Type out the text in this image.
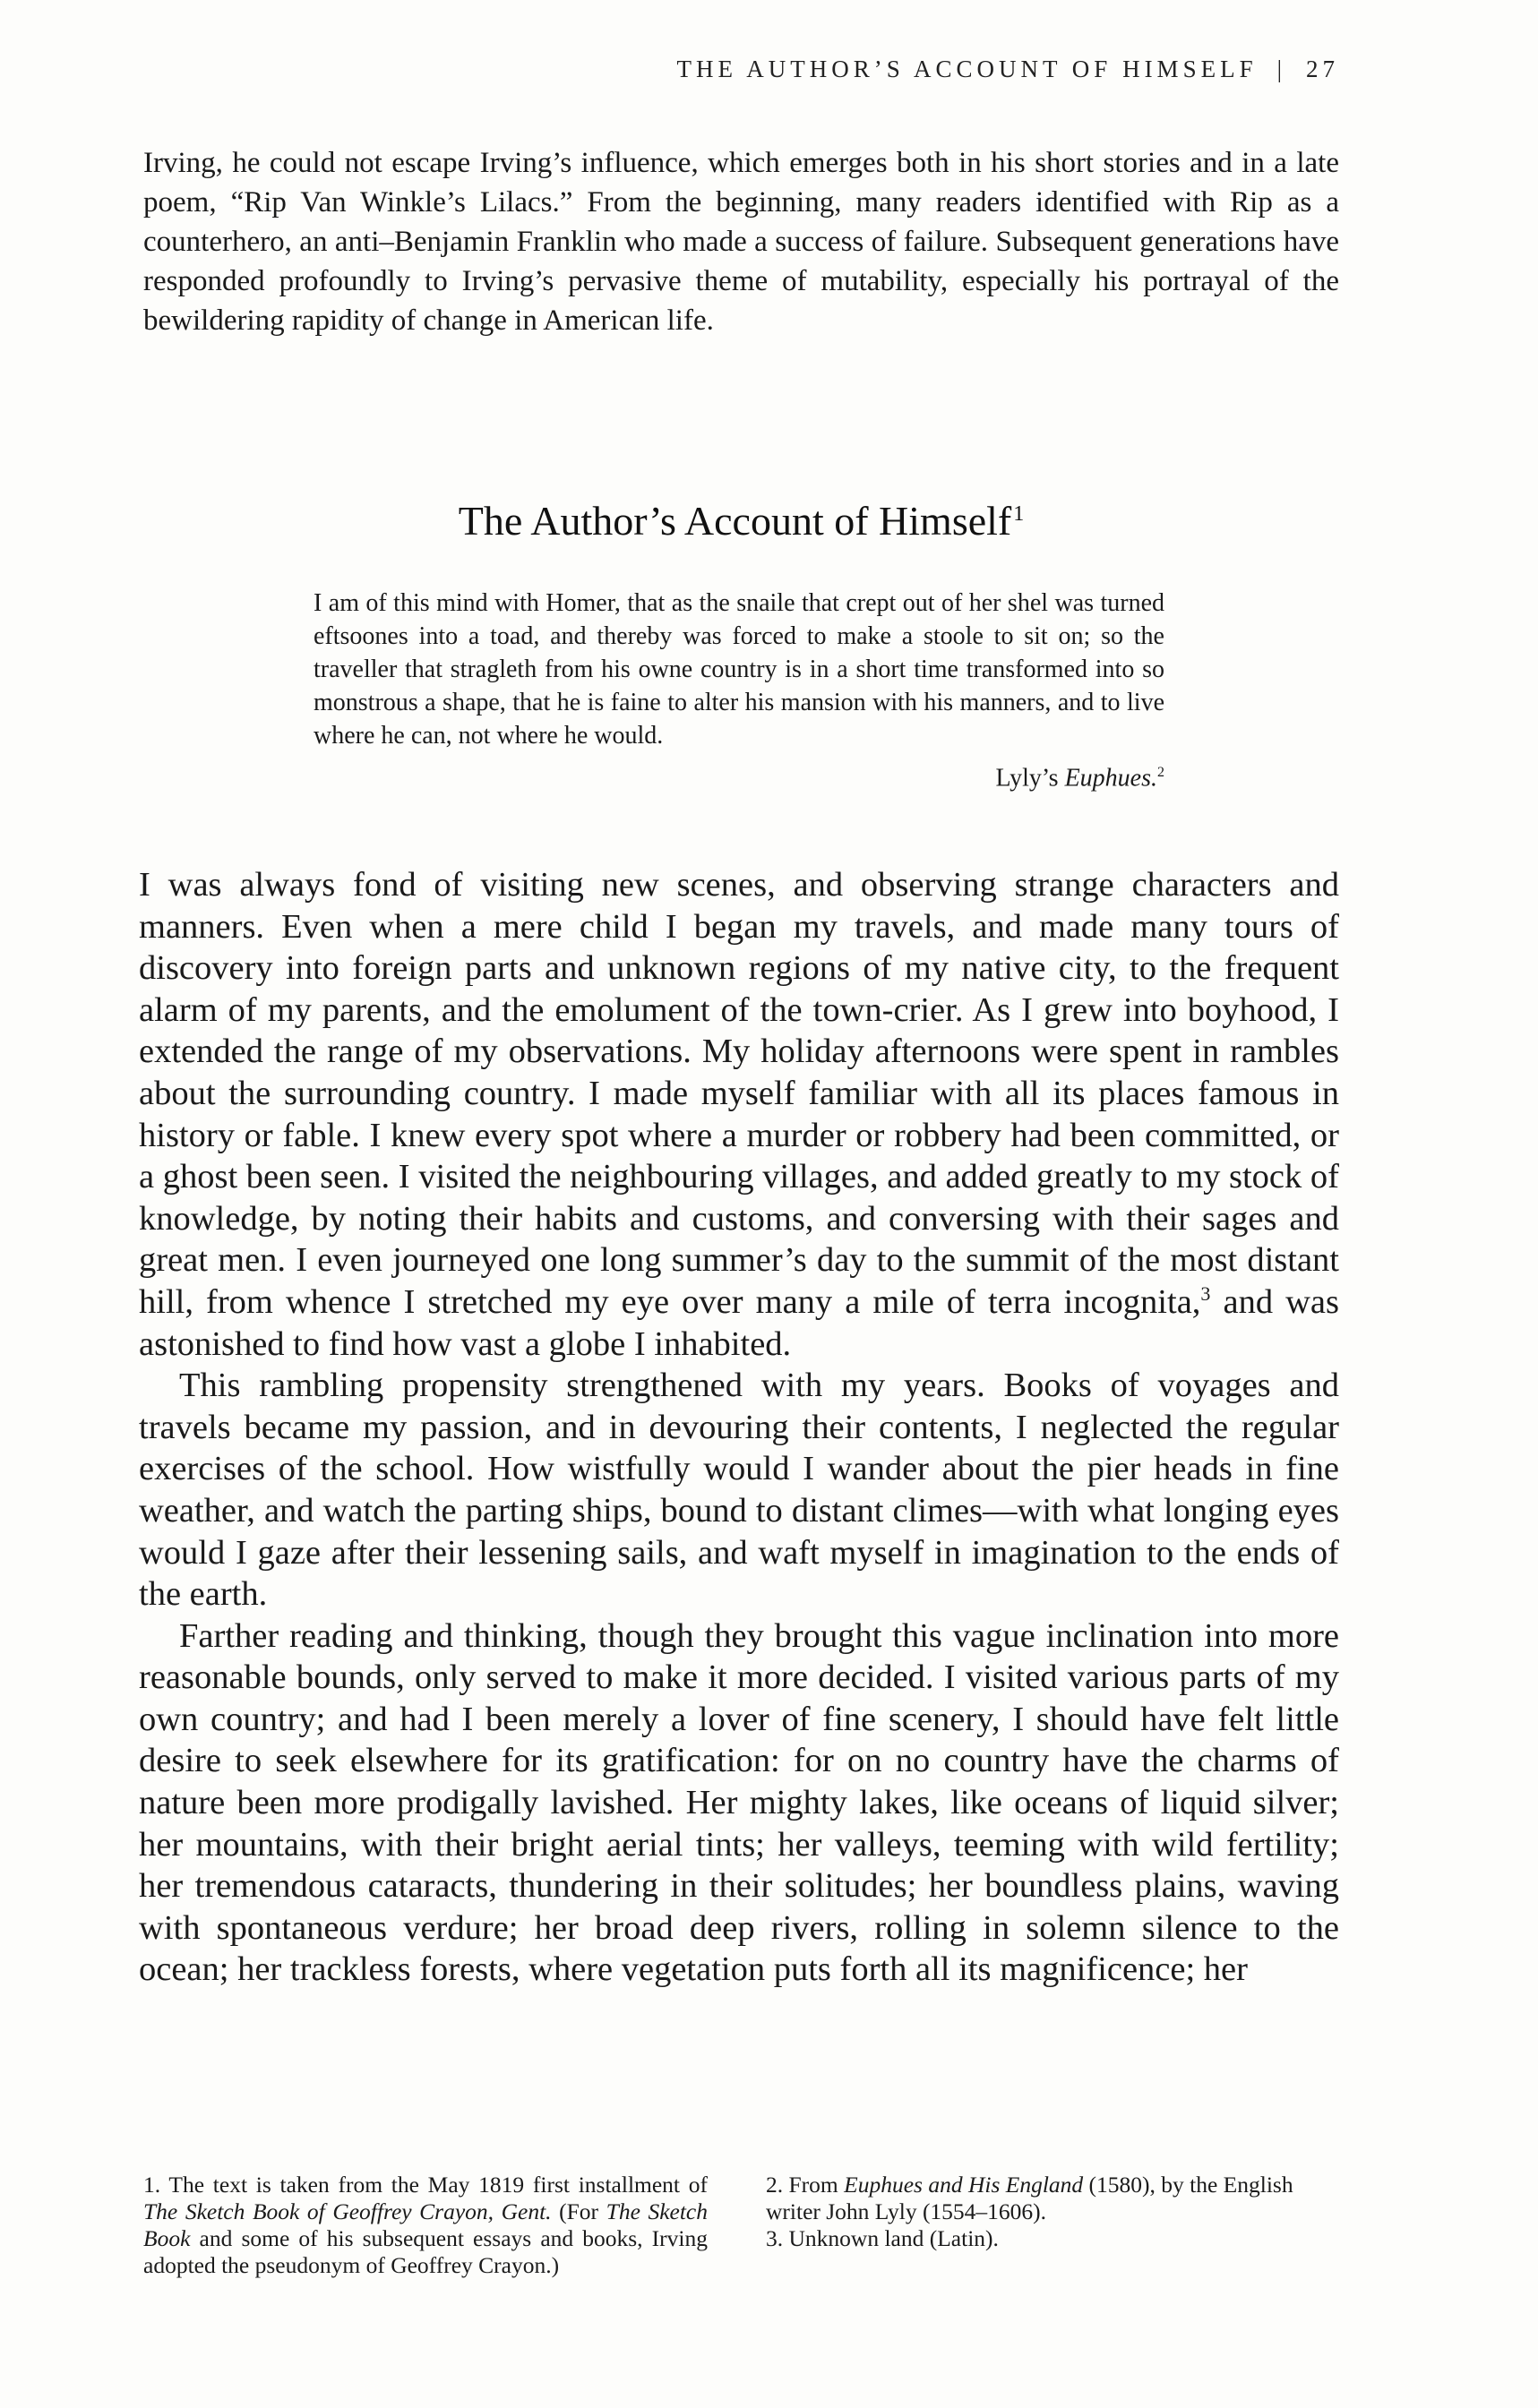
THE AUTHOR’S ACCOUNT OF HIMSELF | 27

Irving, he could not escape Irving’s influence, which emerges both in his short stories and in a late poem, “Rip Van Winkle’s Lilacs.” From the beginning, many readers identified with Rip as a counterhero, an anti–Benjamin Franklin who made a success of failure. Subsequent generations have responded profoundly to Irving’s pervasive theme of mutability, especially his portrayal of the bewildering rapidity of change in American life.

The Author’s Account of Himself$^1$

I am of this mind with Homer, that as the snaile that crept out of her shel was turned eftsoones into a toad, and thereby was forced to make a stoole to sit on; so the traveller that stragleth from his owne country is in a short time transformed into so monstrous a shape, that he is faine to alter his mansion with his manners, and to live where he can, not where he would.

Lyly’s Euphues.$^2$

I was always fond of visiting new scenes, and observing strange characters and manners. Even when a mere child I began my travels, and made many tours of discovery into foreign parts and unknown regions of my native city, to the frequent alarm of my parents, and the emolument of the town-crier. As I grew into boyhood, I extended the range of my observations. My holiday afternoons were spent in rambles about the surrounding country. I made myself familiar with all its places famous in history or fable. I knew every spot where a murder or robbery had been committed, or a ghost been seen. I visited the neighbouring villages, and added greatly to my stock of knowledge, by noting their habits and customs, and conversing with their sages and great men. I even journeyed one long summer’s day to the summit of the most distant hill, from whence I stretched my eye over many a mile of terra incognita,$^3$ and was astonished to find how vast a globe I inhabited.

This rambling propensity strengthened with my years. Books of voyages and travels became my passion, and in devouring their contents, I neglected the regular exercises of the school. How wistfully would I wander about the pier heads in fine weather, and watch the parting ships, bound to distant climes—with what longing eyes would I gaze after their lessening sails, and waft myself in imagination to the ends of the earth.

Farther reading and thinking, though they brought this vague inclination into more reasonable bounds, only served to make it more decided. I visited various parts of my own country; and had I been merely a lover of fine scenery, I should have felt little desire to seek elsewhere for its gratification: for on no country have the charms of nature been more prodigally lavished. Her mighty lakes, like oceans of liquid silver; her mountains, with their bright aerial tints; her valleys, teeming with wild fertility; her tremendous cataracts, thundering in their solitudes; her boundless plains, waving with spontaneous verdure; her broad deep rivers, rolling in solemn silence to the ocean; her trackless forests, where vegetation puts forth all its magnificence; her

1. The text is taken from the May 1819 first installment of The Sketch Book of Geoffrey Crayon, Gent. (For The Sketch Book and some of his subsequent essays and books, Irving adopted the pseudonym of Geoffrey Crayon.)

2. From Euphues and His England (1580), by the English writer John Lyly (1554–1606).

3. Unknown land (Latin).
